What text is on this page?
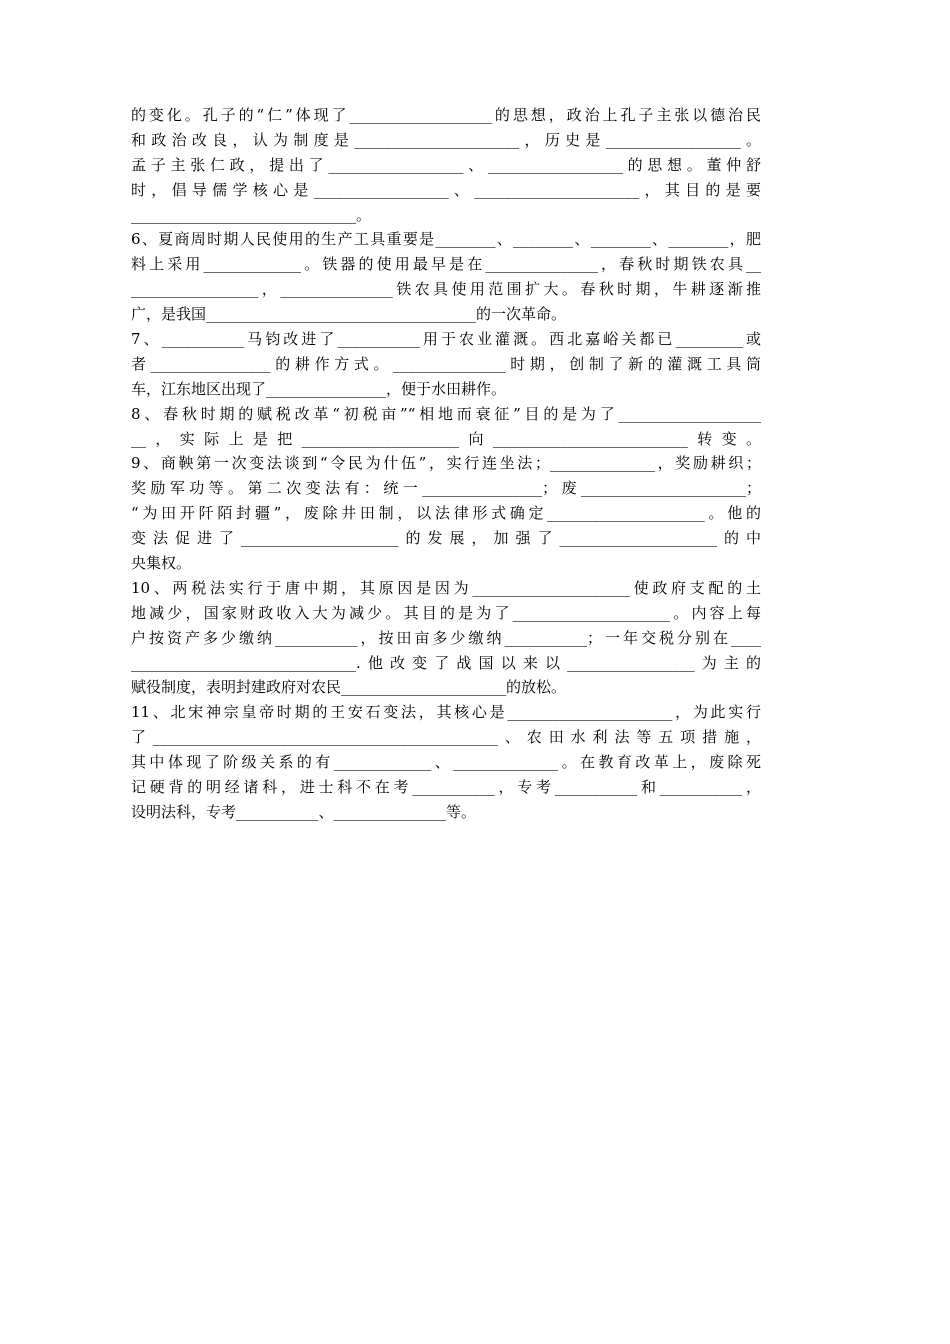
的变化。孔子的“仁”体现了___________________的思想，政治上孔子主张以德治民
和政治改良，认为制度是______________________，历史是__________________。
孟子主张仁政，提出了__________________、__________________的思想。董仲舒
时，倡导儒学核心是__________________、______________________，其目的是要
______________________________。
6、夏商周时期人民使用的生产工具重要是________、________、________、________，肥
料上采用_____________。铁器的使用最早是在_______________，春秋时期铁农具__
_________________，_______________铁农具使用范围扩大。春秋时期，牛耕逐渐推
广，是我国____________________________________的一次革命。
7、___________马钧改进了___________用于农业灌溉。西北嘉峪关都已_________或
者________________的耕作方式。_______________时期，创制了新的灌溉工具筒
车，江东地区出现了________________，便于水田耕作。
8、春秋时期的赋税改革“初税亩”“相地而衰征”目的是为了___________________
__，实际上是把_____________________向__________________________转变。
9、商鞅第一次变法谈到“令民为什伍”，实行连坐法；______________，奖励耕织；
奖励军功等。第二次变法有：统一________________；废______________________；
“为田开阡陌封疆”，废除井田制，以法律形式确定_____________________。他的
变法促进了_____________________的发展，加强了_____________________的中
央集权。
10、两税法实行于唐中期，其原因是因为_____________________使政府支配的土
地减少，国家财政收入大为减少。其目的是为了_____________________。内容上每
户按资产多少缴纳___________，按田亩多少缴纳___________；一年交税分别在____
______________________________.他改变了战国以来以_________________为主的
赋役制度，表明封建政府对农民______________________的放松。
11、北宋神宗皇帝时期的王安石变法，其核心是______________________，为此实行
了______________________________________________、农田水利法等五项措施，
其中体现了阶级关系的有_____________、______________。在教育改革上，废除死
记硬背的明经诸科，进士科不在考___________，专考___________和___________，
设明法科，专考___________、_______________等。
